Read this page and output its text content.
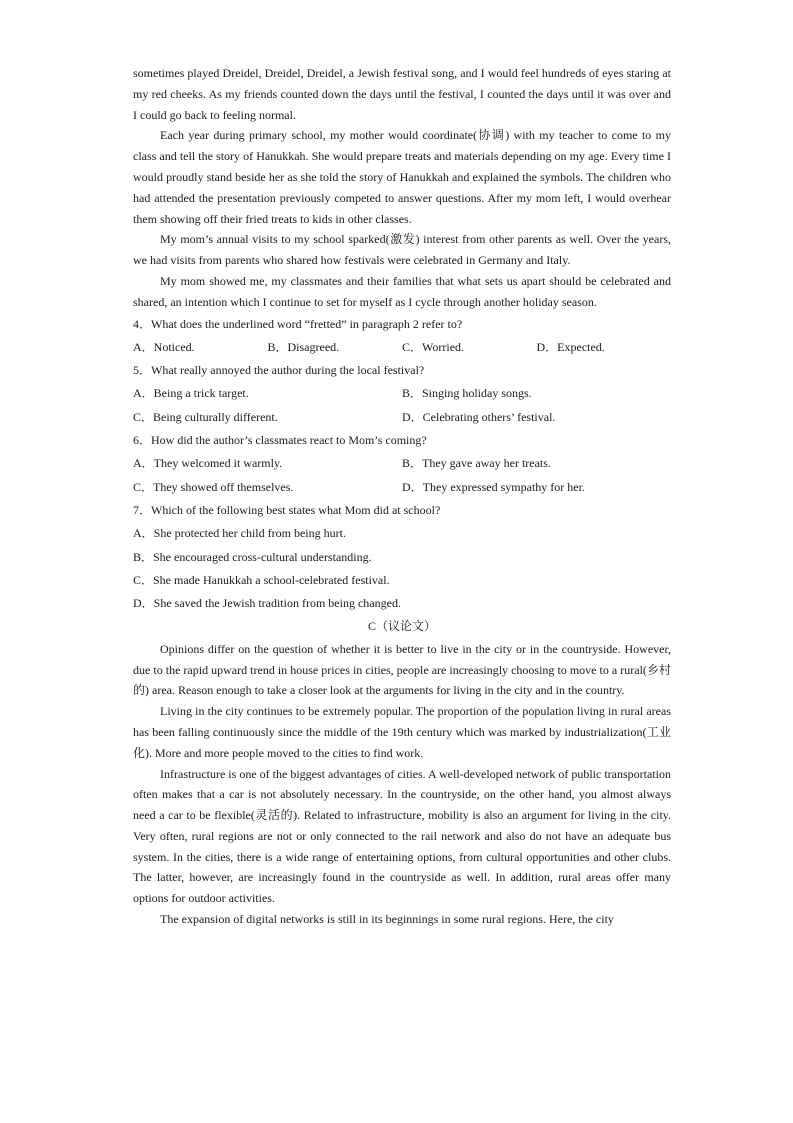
sometimes played Dreidel, Dreidel, Dreidel, a Jewish festival song, and I would feel hundreds of eyes staring at my red cheeks. As my friends counted down the days until the festival, I counted the days until it was over and I could go back to feeling normal.

Each year during primary school, my mother would coordinate(协调) with my teacher to come to my class and tell the story of Hanukkah. She would prepare treats and materials depending on my age. Every time I would proudly stand beside her as she told the story of Hanukkah and explained the symbols. The children who had attended the presentation previously competed to answer questions. After my mom left, I would overhear them showing off their fried treats to kids in other classes.

My mom’s annual visits to my school sparked(激发) interest from other parents as well. Over the years, we had visits from parents who shared how festivals were celebrated in Germany and Italy.

My mom showed me, my classmates and their families that what sets us apart should be celebrated and shared, an intention which I continue to set for myself as I cycle through another holiday season.

4．What does the underlined word “fretted” in paragraph 2 refer to?

A．Noticed.	B．Disagreed.	C．Worried.	D．Expected.

5．What really annoyed the author during the local festival?

A．Being a trick target.	B．Singing holiday songs.
C．Being culturally different.	D．Celebrating others’ festival.

6．How did the author’s classmates react to Mom’s coming?

A．They welcomed it warmly.	B．They gave away her treats.
C．They showed off themselves.	D．They expressed sympathy for her.

7．Which of the following best states what Mom did at school?

A．She protected her child from being hurt.
B．She encouraged cross-cultural understanding.
C．She made Hanukkah a school-celebrated festival.
D．She saved the Jewish tradition from being changed.

C（议论文）

Opinions differ on the question of whether it is better to live in the city or in the countryside. However, due to the rapid upward trend in house prices in cities, people are increasingly choosing to move to a rural(乡村的) area. Reason enough to take a closer look at the arguments for living in the city and in the country.

Living in the city continues to be extremely popular. The proportion of the population living in rural areas has been falling continuously since the middle of the 19th century which was marked by industrialization(工业化). More and more people moved to the cities to find work.

Infrastructure is one of the biggest advantages of cities. A well-developed network of public transportation often makes that a car is not absolutely necessary. In the countryside, on the other hand, you almost always need a car to be flexible(灵活的). Related to infrastructure, mobility is also an argument for living in the city. Very often, rural regions are not or only connected to the rail network and also do not have an adequate bus system. In the cities, there is a wide range of entertaining options, from cultural opportunities and other clubs. The latter, however, are increasingly found in the countryside as well. In addition, rural areas offer many options for outdoor activities.

The expansion of digital networks is still in its beginnings in some rural regions. Here, the city
